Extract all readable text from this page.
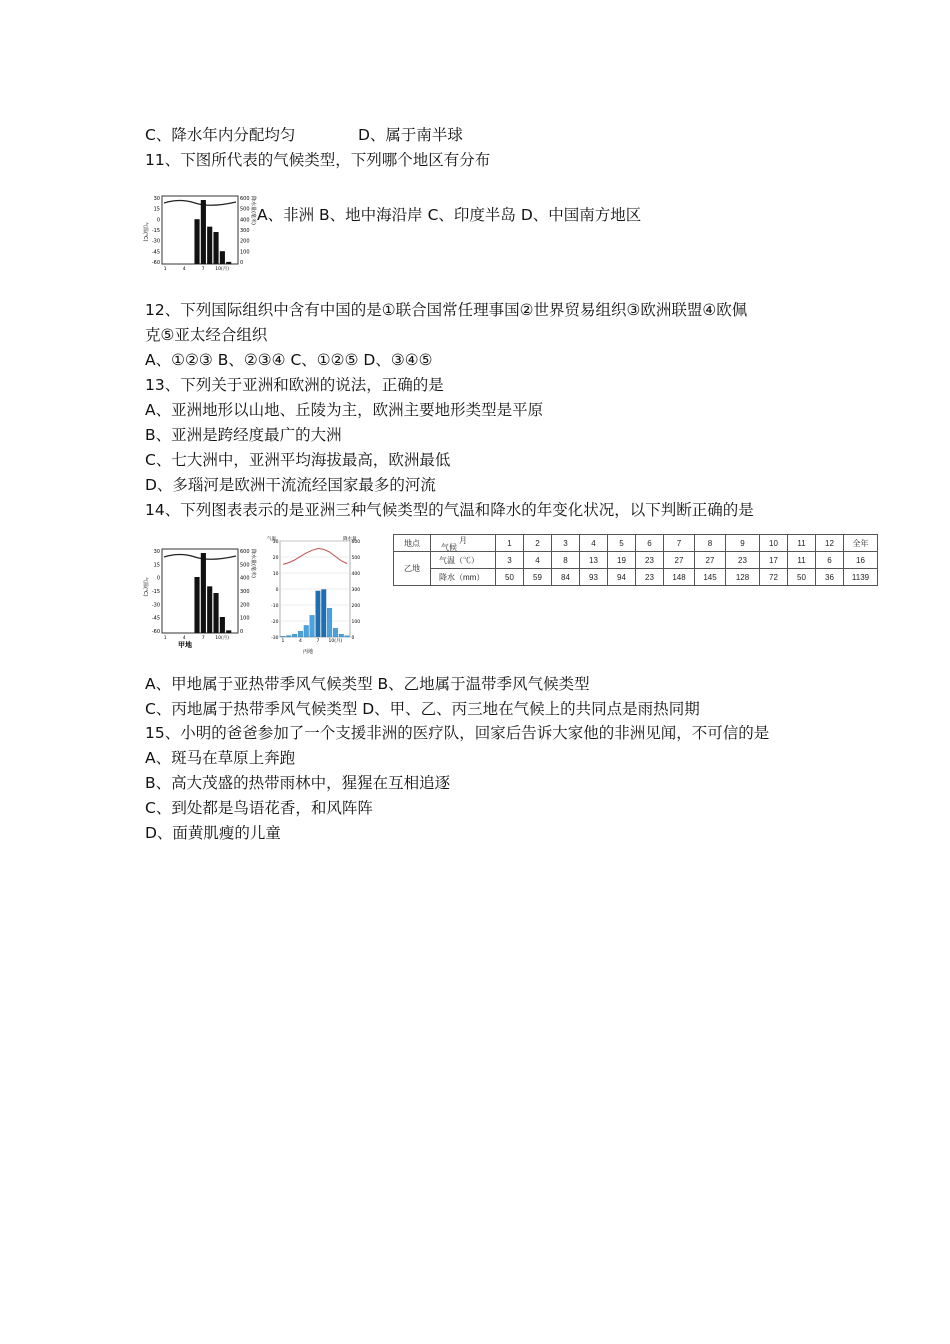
C、降水年内分配均匀	D、属于南半球
11、下图所代表的气候类型，下列哪个地区有分布
30
15
0
-15
-30
-45
-60
600
500
400
300
200
100
0
1	4	7 10(月)
气温(℃)
降水量(毫米) A、非洲 B、地中海沿岸 C、印度半岛 D、中国南方地区
12、下列国际组织中含有中国的是①联合国常任理事国②世界贸易组织③欧洲联盟④欧佩
克⑤亚太经合组织
A、①②③ B、②③④ C、①②⑤ D、③④⑤
13、下列关于亚洲和欧洲的说法，正确的是
A、亚洲地形以山地、丘陵为主，欧洲主要地形类型是平原
B、亚洲是跨经度最广的大洲
C、七大洲中，亚洲平均海拔最高，欧洲最低
D、多瑙河是欧洲干流流经国家最多的河流
14、下列图表表示的是亚洲三种气候类型的气温和降水的年变化状况，以下判断正确的是
30
15
0
-15
-30
-45
-60
600
500
400
300
200
100
0
1	4	7 10(月)
气温(℃)
降水量(毫米)
甲地
30
20
10
0
-10
-20
-30
600
500
400
300
200
100
0
1	4	7 10(月)
气温	降水量
丙地
地点	月
气候	1	2	3	4	5	6	7	8	9	10	11	12	全年
乙地	气温（℃）	3	4	8	13	19	23	27	27	23	17	11	6	16
	降水（mm）	50	59	84	93	94	23	148	145	128	72	50	36	1139
A、甲地属于亚热带季风气候类型 B、乙地属于温带季风气候类型
C、丙地属于热带季风气候类型 D、甲、乙、丙三地在气候上的共同点是雨热同期
15、小明的爸爸参加了一个支援非洲的医疗队，回家后告诉大家他的非洲见闻，不可信的是
A、斑马在草原上奔跑
B、高大茂盛的热带雨林中，猩猩在互相追逐
C、到处都是鸟语花香，和风阵阵
D、面黄肌瘦的儿童
